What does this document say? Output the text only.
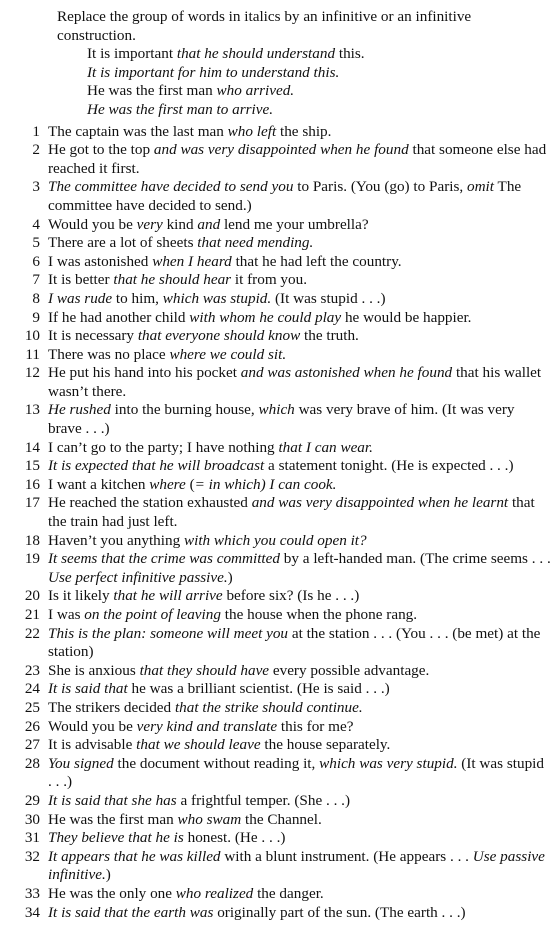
Replace the group of words in italics by an infinitive or an infinitive construction.
It is important that he should understand this.
It is important for him to understand this.
He was the first man who arrived.
He was the first man to arrive.
1 The captain was the last man who left the ship.
2 He got to the top and was very disappointed when he found that someone else had reached it first.
3 The committee have decided to send you to Paris. (You (go) to Paris, omit The committee have decided to send.)
4 Would you be very kind and lend me your umbrella?
5 There are a lot of sheets that need mending.
6 I was astonished when I heard that he had left the country.
7 It is better that he should hear it from you.
8 I was rude to him, which was stupid. (It was stupid . . .)
9 If he had another child with whom he could play he would be happier.
10 It is necessary that everyone should know the truth.
11 There was no place where we could sit.
12 He put his hand into his pocket and was astonished when he found that his wallet wasn’t there.
13 He rushed into the burning house, which was very brave of him. (It was very brave . . .)
14 I can’t go to the party; I have nothing that I can wear.
15 It is expected that he will broadcast a statement tonight. (He is expected . . .)
16 I want a kitchen where (= in which) I can cook.
17 He reached the station exhausted and was very disappointed when he learnt that the train had just left.
18 Haven’t you anything with which you could open it?
19 It seems that the crime was committed by a left-handed man. (The crime seems . . . Use perfect infinitive passive.)
20 Is it likely that he will arrive before six? (Is he . . .)
21 I was on the point of leaving the house when the phone rang.
22 This is the plan: someone will meet you at the station . . . (You . . . (be met) at the station)
23 She is anxious that they should have every possible advantage.
24 It is said that he was a brilliant scientist. (He is said . . .)
25 The strikers decided that the strike should continue.
26 Would you be very kind and translate this for me?
27 It is advisable that we should leave the house separately.
28 You signed the document without reading it, which was very stupid. (It was stupid . . .)
29 It is said that she has a frightful temper. (She . . .)
30 He was the first man who swam the Channel.
31 They believe that he is honest. (He . . .)
32 It appears that he was killed with a blunt instrument. (He appears . . . Use passive infinitive.)
33 He was the only one who realized the danger.
34 It is said that the earth was originally part of the sun. (The earth . . .)
